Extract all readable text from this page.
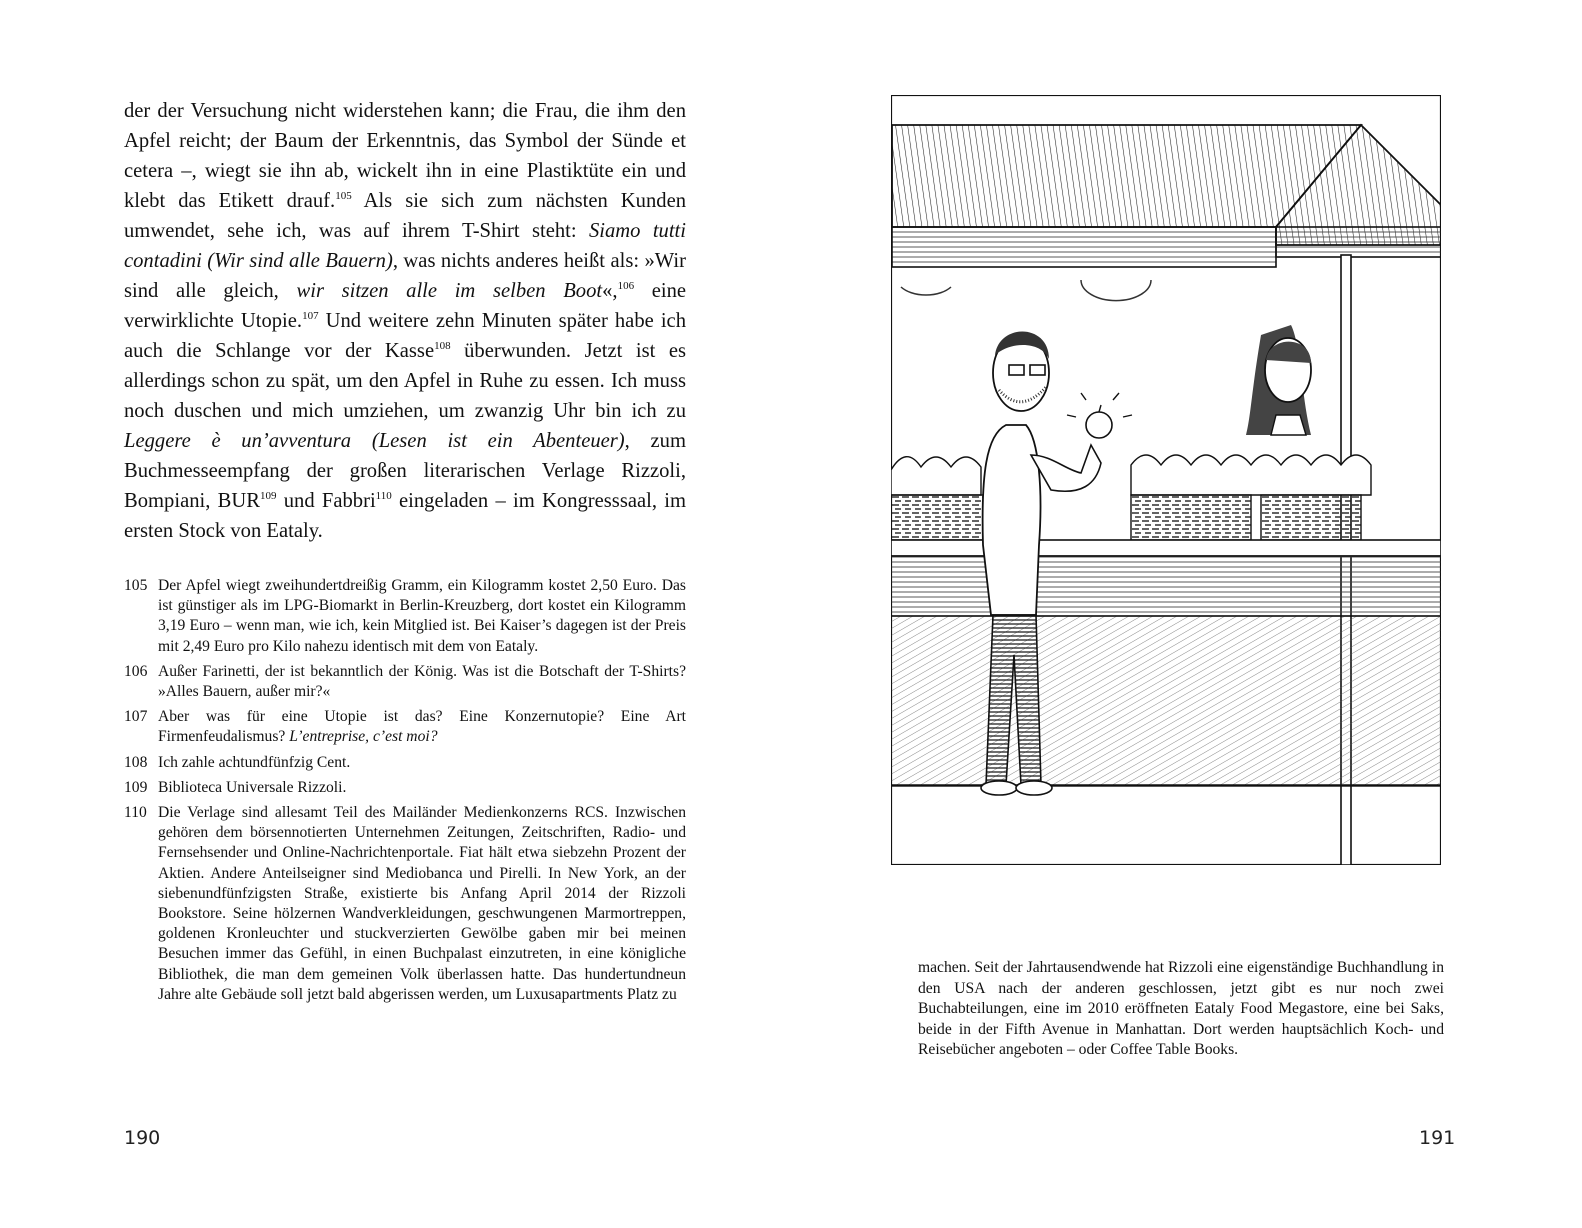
der der Versuchung nicht widerstehen kann; die Frau, die ihm den Apfel reicht; der Baum der Erkenntnis, das Symbol der Sünde et cetera –, wiegt sie ihn ab, wickelt ihn in eine Plastiktüte ein und klebt das Etikett drauf.$^{105}$ Als sie sich zum nächsten Kunden umwendet, sehe ich, was auf ihrem T-Shirt steht: Siamo tutti contadini (Wir sind alle Bauern), was nichts anderes heißt als: »Wir sind alle gleich, wir sitzen alle im selben Boot«,$^{106}$ eine verwirklichte Utopie.$^{107}$ Und weitere zehn Minuten später habe ich auch die Schlange vor der Kasse$^{108}$ überwunden. Jetzt ist es allerdings schon zu spät, um den Apfel in Ruhe zu essen. Ich muss noch duschen und mich umziehen, um zwanzig Uhr bin ich zu Leggere è un’avventura (Lesen ist ein Abenteuer), zum Buchmesseempfang der großen literarischen Verlage Rizzoli, Bompiani, BUR$^{109}$ und Fabbri$^{110}$ eingeladen – im Kongresssaal, im ersten Stock von Eataly.

105 Der Apfel wiegt zweihundertdreißig Gramm, ein Kilogramm kostet 2,50 Euro. Das ist günstiger als im LPG-Biomarkt in Berlin-Kreuzberg, dort kostet ein Kilogramm 3,19 Euro – wenn man, wie ich, kein Mitglied ist. Bei Kaiser’s dagegen ist der Preis mit 2,49 Euro pro Kilo nahezu identisch mit dem von Eataly.
106 Außer Farinetti, der ist bekanntlich der König. Was ist die Botschaft der T-Shirts? »Alles Bauern, außer mir?«
107 Aber was für eine Utopie ist das? Eine Konzernutopie? Eine Art Firmenfeudalismus? L’entreprise, c’est moi?
108 Ich zahle achtundfünfzig Cent.
109 Biblioteca Universale Rizzoli.
110 Die Verlage sind allesamt Teil des Mailänder Medienkonzerns RCS. Inzwischen gehören dem börsennotierten Unternehmen Zeitungen, Zeitschriften, Radio- und Fernsehsender und Online-Nachrichtenportale. Fiat hält etwa siebzehn Prozent der Aktien. Andere Anteilseigner sind Mediobanca und Pirelli. In New York, an der siebenundfünfzigsten Straße, existierte bis Anfang April 2014 der Rizzoli Bookstore. Seine hölzernen Wandverkleidungen, geschwungenen Marmortreppen, goldenen Kronleuchter und stuckverzierten Gewölbe gaben mir bei meinen Besuchen immer das Gefühl, in einen Buchpalast einzutreten, in eine königliche Bibliothek, die man dem gemeinen Volk überlassen hatte. Das hundertundneun Jahre alte Gebäude soll jetzt bald abgerissen werden, um Luxusapartments Platz zu
190
machen. Seit der Jahrtausendwende hat Rizzoli eine eigenständige Buchhandlung in den USA nach der anderen geschlossen, jetzt gibt es nur noch zwei Buchabteilungen, eine im 2010 eröffneten Eataly Food Megastore, eine bei Saks, beide in der Fifth Avenue in Manhattan. Dort werden hauptsächlich Koch- und Reisebücher angeboten – oder Coffee Table Books.
191
